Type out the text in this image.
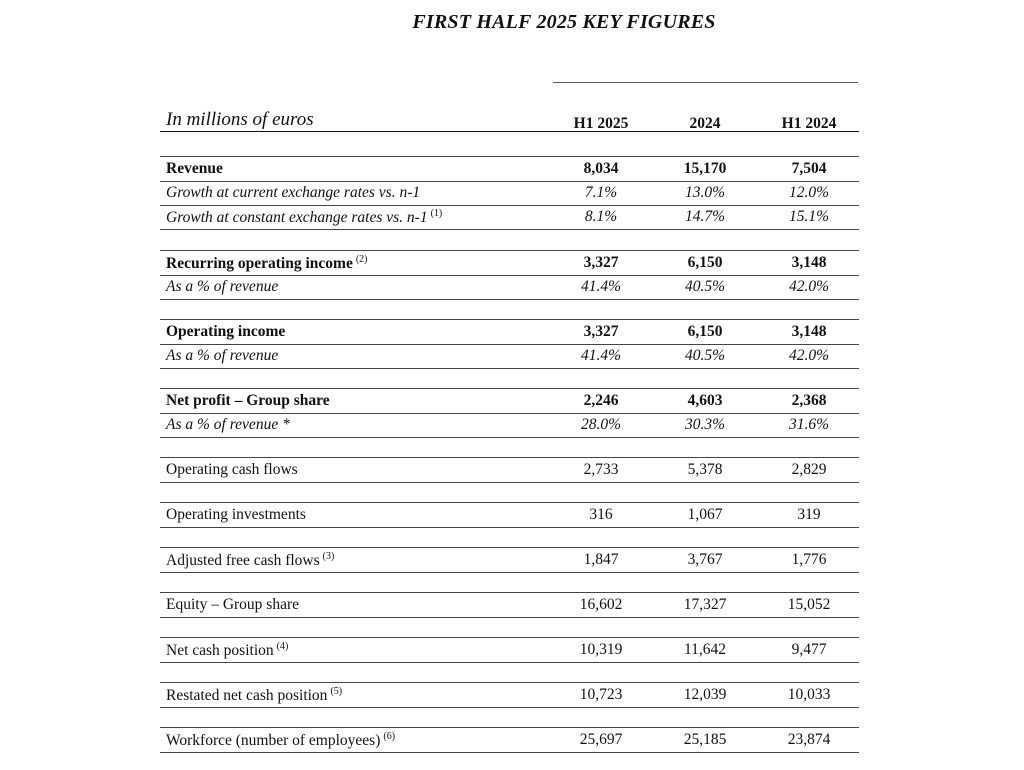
FIRST HALF 2025 KEY FIGURES
In millions of euros	H1 2025	2024	H1 2024
Revenue	8,034	15,170	7,504
Growth at current exchange rates vs. n-1	7.1%	13.0%	12.0%
Growth at constant exchange rates vs. n-1 $^{(1)}$	8.1%	14.7%	15.1%
Recurring operating income $^{(2)}$	3,327	6,150	3,148
As a % of revenue	41.4%	40.5%	42.0%
Operating income	3,327	6,150	3,148
As a % of revenue	41.4%	40.5%	42.0%
Net profit – Group share	2,246	4,603	2,368
As a % of revenue *	28.0%	30.3%	31.6%
Operating cash flows	2,733	5,378	2,829
Operating investments	316	1,067	319
Adjusted free cash flows $^{(3)}$	1,847	3,767	1,776
Equity – Group share	16,602	17,327	15,052
Net cash position $^{(4)}$	10,319	11,642	9,477
Restated net cash position $^{(5)}$	10,723	12,039	10,033
Workforce (number of employees) $^{(6)}$	25,697	25,185	23,874
